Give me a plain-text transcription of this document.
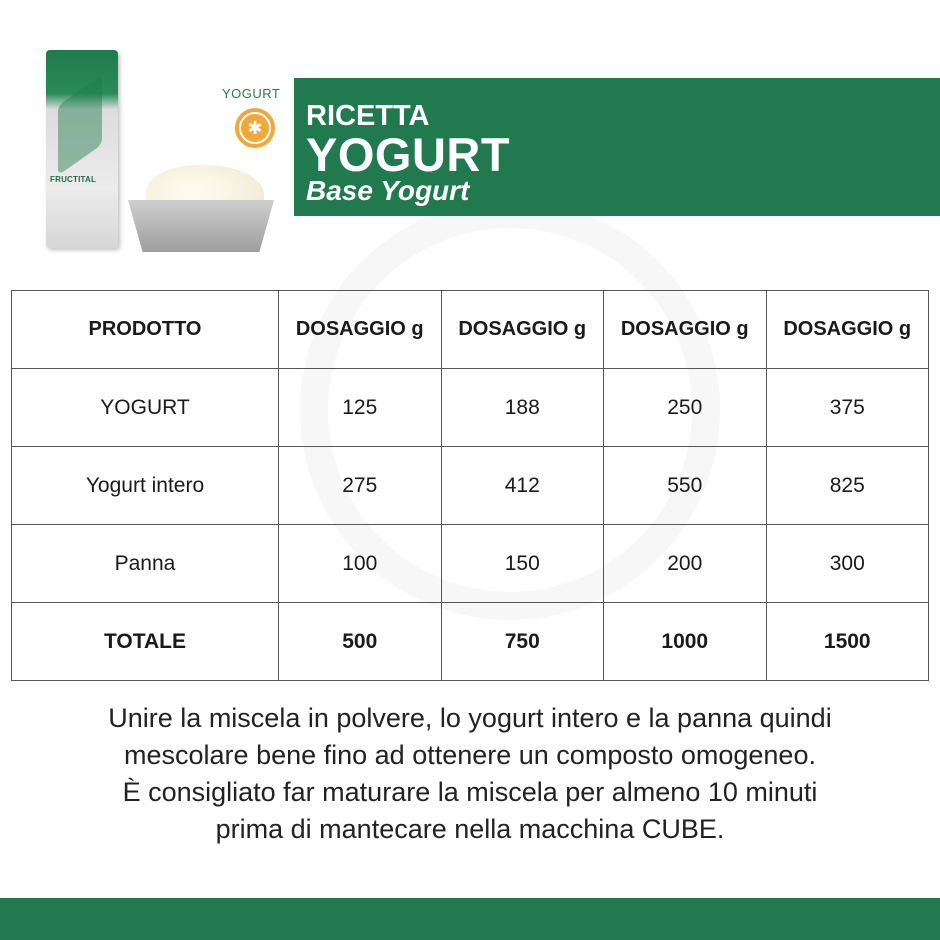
FRUCTITAL
YOGURT
✱ RICETTA
YOGURT
Base Yogurt
PRODOTTO	DOSAGGIO g	DOSAGGIO g	DOSAGGIO g	DOSAGGIO g
YOGURT	125	188	250	375
Yogurt intero	275	412	550	825
Panna	100	150	200	300
TOTALE	500	750	1000	1500
Unire la miscela in polvere, lo yogurt intero e la panna quindi
mescolare bene fino ad ottenere un composto omogeneo.
È consigliato far maturare la miscela per almeno 10 minuti
prima di mantecare nella macchina CUBE.
